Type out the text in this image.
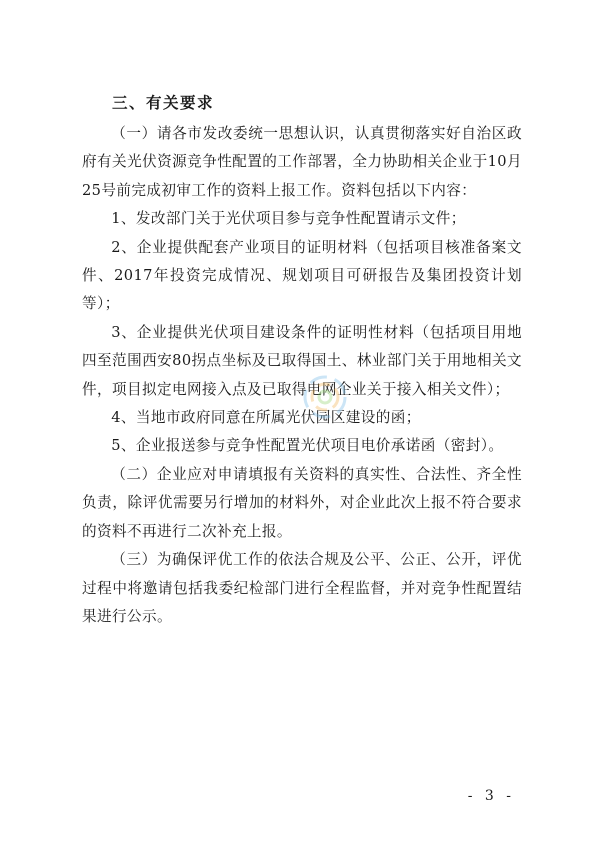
三、有关要求

（一）请各市发改委统一思想认识，认真贯彻落实好自治区政府有关光伏资源竞争性配置的工作部署，全力协助相关企业于10月25号前完成初审工作的资料上报工作。资料包括以下内容：

1、发改部门关于光伏项目参与竞争性配置请示文件；

2、企业提供配套产业项目的证明材料（包括项目核准备案文件、2017年投资完成情况、规划项目可研报告及集团投资计划等）；

3、企业提供光伏项目建设条件的证明性材料（包括项目用地四至范围西安80拐点坐标及已取得国土、林业部门关于用地相关文件，项目拟定电网接入点及已取得电网企业关于接入相关文件）；

4、当地市政府同意在所属光伏园区建设的函；

5、企业报送参与竞争性配置光伏项目电价承诺函（密封）。

（二）企业应对申请填报有关资料的真实性、合法性、齐全性负责，除评优需要另行增加的材料外，对企业此次上报不符合要求的资料不再进行二次补充上报。

（三）为确保评优工作的依法合规及公平、公正、公开，评优过程中将邀请包括我委纪检部门进行全程监督，并对竞争性配置结果进行公示。

- 3 -
